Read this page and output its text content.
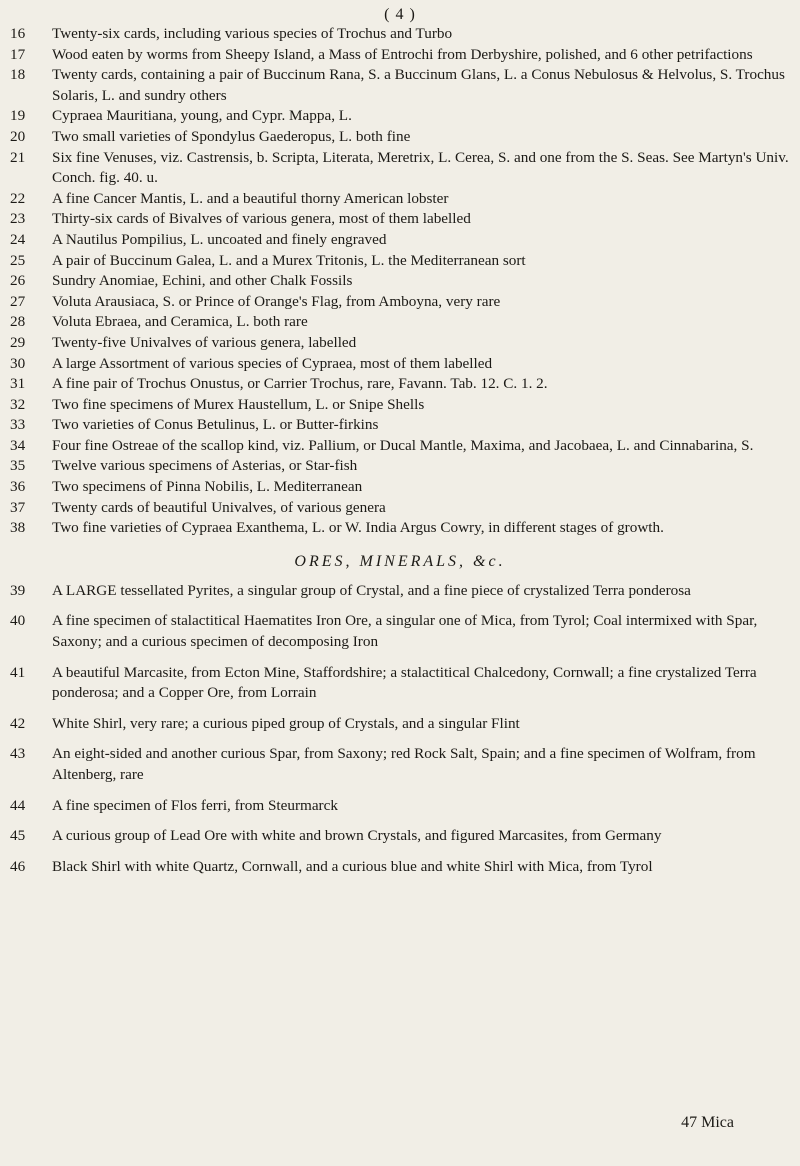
( 4 )
16	Twenty-six cards, including various species of Trochus and Turbo
17	Wood eaten by worms from Sheepy Island, a Mass of Entrochi from Derbyshire, polished, and 6 other petrifactions
18	Twenty cards, containing a pair of Buccinum Rana, S. a Buccinum Glans, L. a Conus Nebulosus & Helvolus, S. Trochus Solaris, L. and sundry others
19	Cypraea Mauritiana, young, and Cypr. Mappa, L.
20	Two small varieties of Spondylus Gaederopus, L. both fine
21	Six fine Venuses, viz. Castrensis, b. Scripta, Literata, Meretrix, L. Cerea, S. and one from the S. Seas. See Martyn's Univ. Conch. fig. 40. u.
22	A fine Cancer Mantis, L. and a beautiful thorny American lobster
23	Thirty-six cards of Bivalves of various genera, most of them labelled
24	A Nautilus Pompilius, L. uncoated and finely engraved
25	A pair of Buccinum Galea, L. and a Murex Tritonis, L. the Mediterranean sort
26	Sundry Anomiae, Echini, and other Chalk Fossils
27	Voluta Arausiaca, S. or Prince of Orange's Flag, from Amboyna, very rare
28	Voluta Ebraea, and Ceramica, L. both rare
29	Twenty-five Univalves of various genera, labelled
30	A large Assortment of various species of Cypraea, most of them labelled
31	A fine pair of Trochus Onustus, or Carrier Trochus, rare, Favann. Tab. 12. C. 1. 2.
32	Two fine specimens of Murex Haustellum, L. or Snipe Shells
33	Two varieties of Conus Betulinus, L. or Butter-firkins
34	Four fine Ostreae of the scallop kind, viz. Pallium, or Ducal Mantle, Maxima, and Jacobaea, L. and Cinnabarina, S.
35	Twelve various specimens of Asterias, or Star-fish
36	Two specimens of Pinna Nobilis, L. Mediterranean
37	Twenty cards of beautiful Univalves, of various genera
38	Two fine varieties of Cypraea Exanthema, L. or W. India Argus Cowry, in different stages of growth.
ORES, MINERALS, &c.
39	A LARGE tessellated Pyrites, a singular group of Crystal, and a fine piece of crystalized Terra ponderosa
40	A fine specimen of stalactitical Haematites Iron Ore, a singular one of Mica, from Tyrol; Coal intermixed with Spar, Saxony; and a curious specimen of decomposing Iron
41	A beautiful Marcasite, from Ecton Mine, Staffordshire; a stalactitical Chalcedony, Cornwall; a fine crystalized Terra ponderosa; and a Copper Ore, from Lorrain
42	White Shirl, very rare; a curious piped group of Crystals, and a singular Flint
43	An eight-sided and another curious Spar, from Saxony; red Rock Salt, Spain; and a fine specimen of Wolfram, from Altenberg, rare
44	A fine specimen of Flos ferri, from Steurmarck
45	A curious group of Lead Ore with white and brown Crystals, and figured Marcasites, from Germany
46	Black Shirl with white Quartz, Cornwall, and a curious blue and white Shirl with Mica, from Tyrol
47 Mica
